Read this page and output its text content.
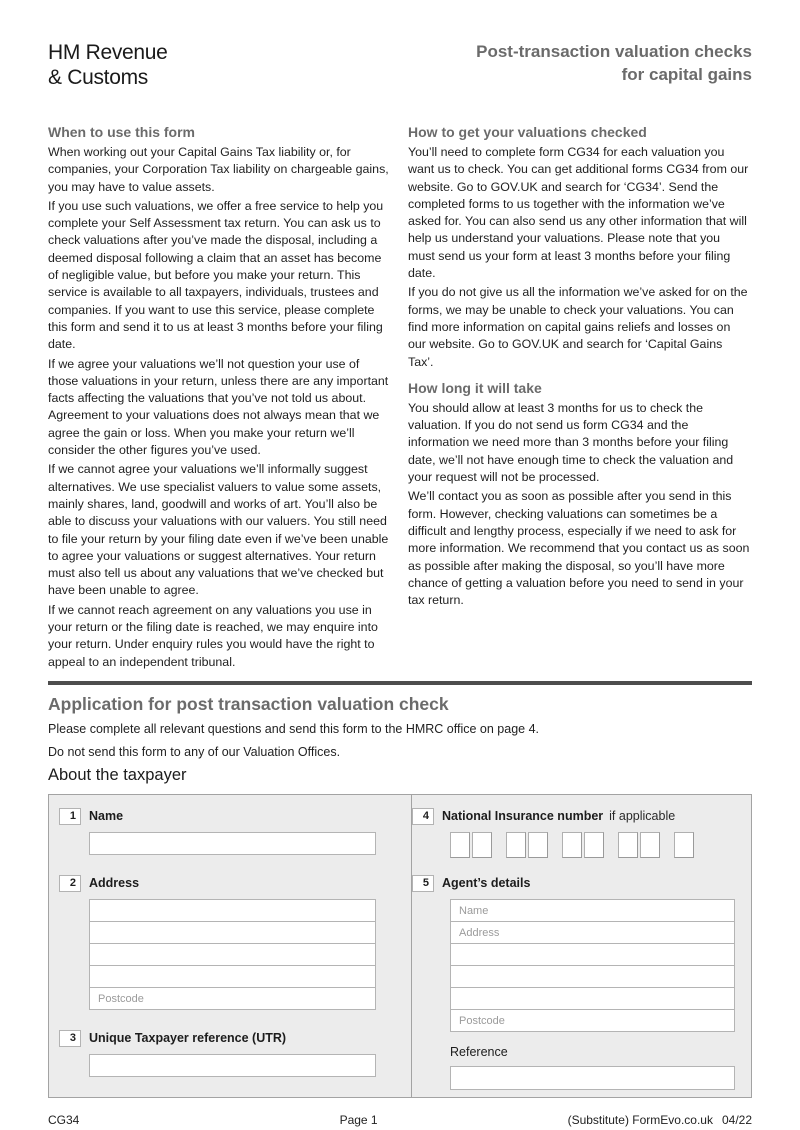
HM Revenue
& Customs
Post-transaction valuation checks
for capital gains
When to use this form

When working out your Capital Gains Tax liability or, for companies, your Corporation Tax liability on chargeable gains, you may have to value assets.

If you use such valuations, we offer a free service to help you complete your Self Assessment tax return. You can ask us to check valuations after you’ve made the disposal, including a deemed disposal following a claim that an asset has become of negligible value, but before you make your return. This service is available to all taxpayers, individuals, trustees and companies. If you want to use this service, please complete this form and send it to us at least 3 months before your filing date.

If we agree your valuations we’ll not question your use of those valuations in your return, unless there are any important facts affecting the valuations that you’ve not told us about. Agreement to your valuations does not always mean that we agree the gain or loss. When you make your return we’ll consider the other figures you’ve used.

If we cannot agree your valuations we’ll informally suggest alternatives. We use specialist valuers to value some assets, mainly shares, land, goodwill and works of art. You’ll also be able to discuss your valuations with our valuers. You still need to file your return by your filing date even if we’ve been unable to agree your valuations or suggest alternatives. Your return must also tell us about any valuations that we’ve checked but have been unable to agree.

If we cannot reach agreement on any valuations you use in your return or the filing date is reached, we may enquire into your return. Under enquiry rules you would have the right to appeal to an independent tribunal.

How to get your valuations checked

You’ll need to complete form CG34 for each valuation you want us to check. You can get additional forms CG34 from our website. Go to GOV.UK and search for ‘CG34’. Send the completed forms to us together with the information we’ve asked for. You can also send us any other information that will help us understand your valuations. Please note that you must send us your form at least 3 months before your filing date.

If you do not give us all the information we’ve asked for on the forms, we may be unable to check your valuations. You can find more information on capital gains reliefs and losses on our website. Go to GOV.UK and search for ‘Capital Gains Tax’.

How long it will take

You should allow at least 3 months for us to check the valuation. If you do not send us form CG34 and the information we need more than 3 months before your filing date, we’ll not have enough time to check the valuation and your request will not be processed.

We’ll contact you as soon as possible after you send in this form. However, checking valuations can sometimes be a difficult and lengthy process, especially if we need to ask for more information. We recommend that you contact us as soon as possible after making the disposal, so you’ll have more chance of getting a valuation before you need to send in your tax return.

Application for post transaction valuation check
Please complete all relevant questions and send this form to the HMRC office on page 4.
Do not send this form to any of our Valuation Offices.
About the taxpayer
1	Name
2	Address
Postcode
3	Unique Taxpayer reference (UTR)
4	National Insurance number if applicable
5	Agent’s details
Name
Address
Postcode
Reference
CG34	Page 1	(Substitute) FormEvo.co.uk 04/22
